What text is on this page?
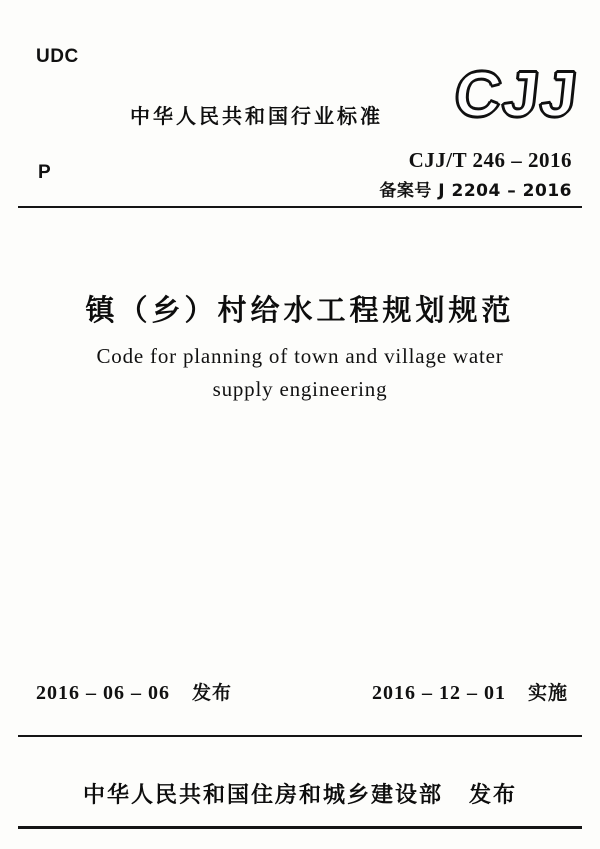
UDC
P
中华人民共和国行业标准 CJJ
CJJ/T 246 – 2016
备案号 J 2204 – 2016
镇（乡）村给水工程规划规范
Code for planning of town and village water
supply engineering
2016 – 06 – 06 发布	2016 – 12 – 01 实施
中华人民共和国住房和城乡建设部 发布
